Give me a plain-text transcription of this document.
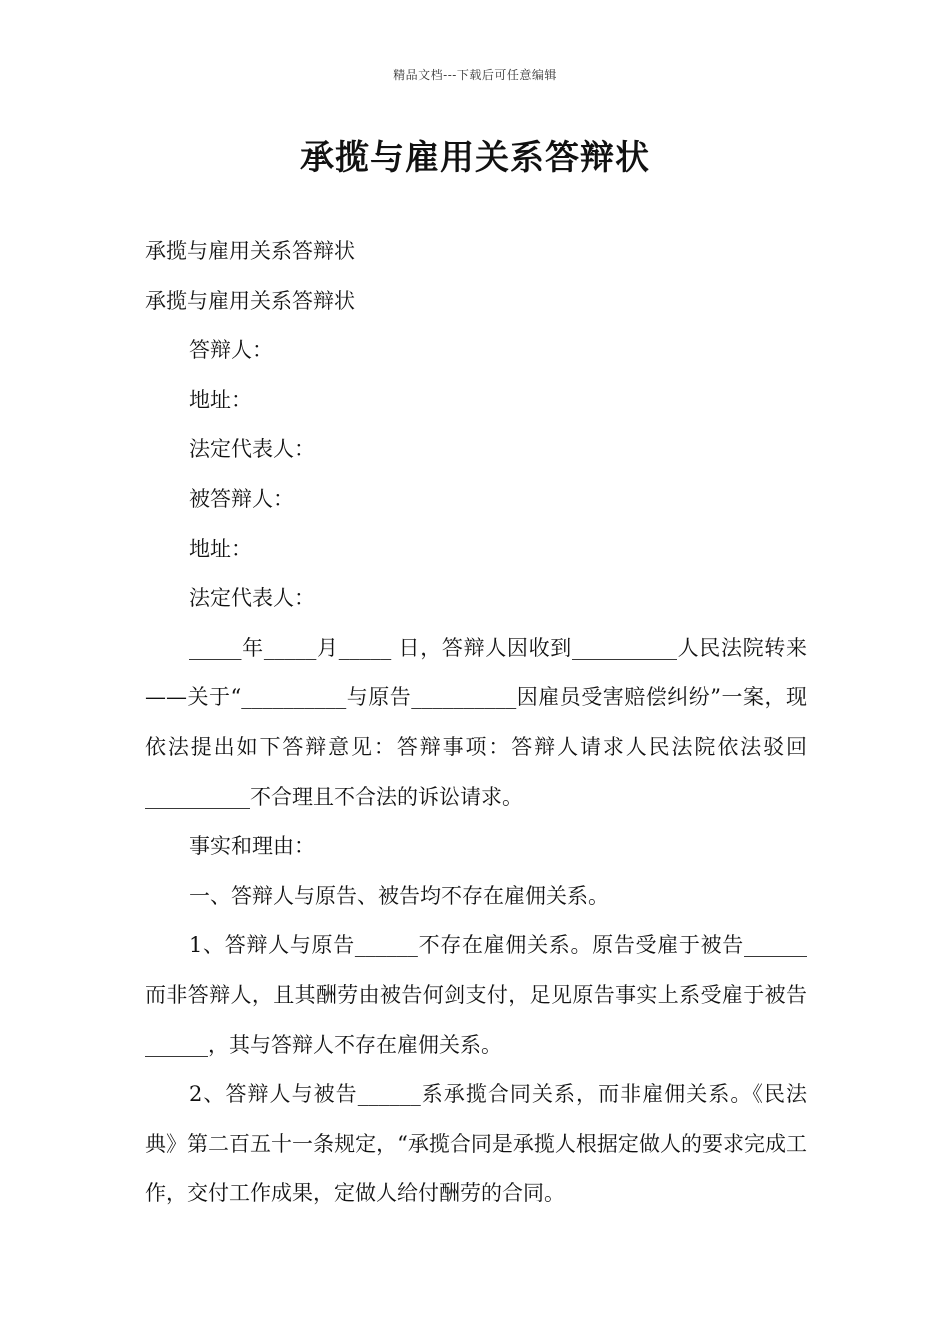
精品文档---下载后可任意编辑
承揽与雇用关系答辩状

承揽与雇用关系答辩状

承揽与雇用关系答辩状

答辩人：

地址：

法定代表人：

被答辩人：

地址：

法定代表人：

_____年_____月_____ 日，答辩人因收到__________人民法院转来——关于“__________与原告__________因雇员受害赔偿纠纷”一案，现依法提出如下答辩意见：答辩事项：答辩人请求人民法院依法驳回__________不合理且不合法的诉讼请求。

事实和理由：

一、答辩人与原告、被告均不存在雇佣关系。

1、答辩人与原告______不存在雇佣关系。原告受雇于被告______而非答辩人，且其酬劳由被告何剑支付，足见原告事实上系受雇于被告______，其与答辩人不存在雇佣关系。

2、答辩人与被告______系承揽合同关系，而非雇佣关系。《民法典》第二百五十一条规定，“承揽合同是承揽人根据定做人的要求完成工作，交付工作成果，定做人给付酬劳的合同。
